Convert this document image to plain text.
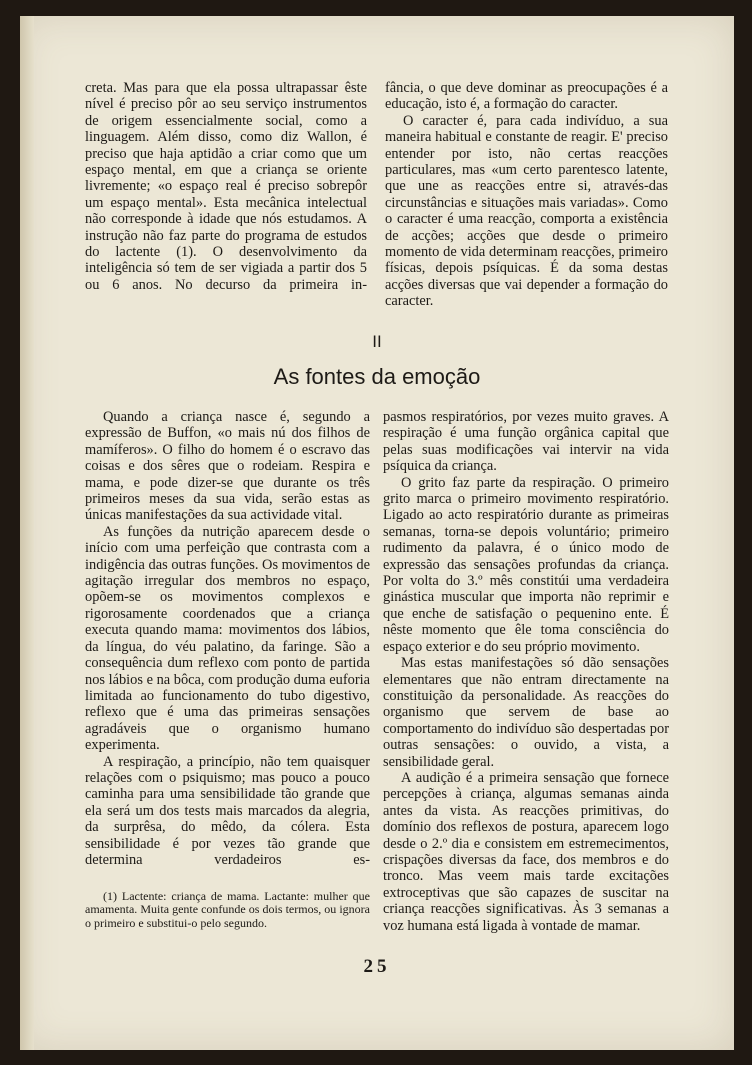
creta. Mas para que ela possa ultrapassar êste nível é preciso pôr ao seu serviço instrumentos de origem essencialmente social, como a linguagem. Além disso, como diz Wallon, é preciso que haja aptidão a criar como que um espaço mental, em que a criança se oriente livremente; «o espaço real é preciso sobrepôr um espaço mental». Esta mecânica intelectual não corresponde à idade que nós estudamos. A instrução não faz parte do programa de estudos do lactente (1). O desenvolvimento da inteligência só tem de ser vigiada a partir dos 5 ou 6 anos. No decurso da primeira in-

fância, o que deve dominar as preocupações é a educação, isto é, a formação do caracter.

O caracter é, para cada indivíduo, a sua maneira habitual e constante de reagir. E' preciso entender por isto, não certas reacções particulares, mas «um certo parentesco latente, que une as reacções entre si, através-das circunstâncias e situações mais variadas». Como o caracter é uma reacção, comporta a existência de acções; acções que desde o primeiro momento de vida determinam reacções, primeiro físicas, depois psíquicas. É da soma destas acções diversas que vai depender a formação do caracter.

II
As fontes da emoção

Quando a criança nasce é, segundo a expressão de Buffon, «o mais nú dos filhos de mamíferos». O filho do homem é o escravo das coisas e dos sêres que o rodeiam. Respira e mama, e pode dizer-se que durante os três primeiros meses da sua vida, serão estas as únicas manifestações da sua actividade vital.

As funções da nutrição aparecem desde o início com uma perfeição que contrasta com a indigência das outras funções. Os movimentos de agitação irregular dos membros no espaço, opõem-se os movimentos complexos e rigorosamente coordenados que a criança executa quando mama: movimentos dos lábios, da língua, do véu palatino, da faringe. São a consequência dum reflexo com ponto de partida nos lábios e na bôca, com produção duma euforia limitada ao funcionamento do tubo digestivo, reflexo que é uma das primeiras sensações agradáveis que o organismo humano experimenta.

A respiração, a princípio, não tem quaisquer relações com o psiquismo; mas pouco a pouco caminha para uma sensibilidade tão grande que ela será um dos tests mais marcados da alegria, da surprêsa, do mêdo, da cólera. Esta sensibilidade é por vezes tão grande que determina verdadeiros es-

pasmos respiratórios, por vezes muito graves. A respiração é uma função orgânica capital que pelas suas modificações vai intervir na vida psíquica da criança.

O grito faz parte da respiração. O primeiro grito marca o primeiro movimento respiratório. Ligado ao acto respiratório durante as primeiras semanas, torna-se depois voluntário; primeiro rudimento da palavra, é o único modo de expressão das sensações profundas da criança. Por volta do 3.º mês constitúi uma verdadeira ginástica muscular que importa não reprimir e que enche de satisfação o pequenino ente. É nêste momento que êle toma consciência do espaço exterior e do seu próprio movimento.

Mas estas manifestações só dão sensações elementares que não entram directamente na constituição da personalidade. As reacções do organismo que servem de base ao comportamento do indivíduo são despertadas por outras sensações: o ouvido, a vista, a sensibilidade geral.

A audição é a primeira sensação que fornece percepções à criança, algumas semanas ainda antes da vista. As reacções primitivas, do domínio dos reflexos de postura, aparecem logo desde o 2.º dia e consistem em estremecimentos, crispações diversas da face, dos membros e do tronco. Mas veem mais tarde excitações extroceptivas que são capazes de suscitar na criança reacções significativas. Às 3 semanas a voz humana está ligada à vontade de mamar.

(1) Lactente: criança de mama. Lactante: mulher que amamenta. Muita gente confunde os dois termos, ou ignora o primeiro e substitui-o pelo segundo.

25
